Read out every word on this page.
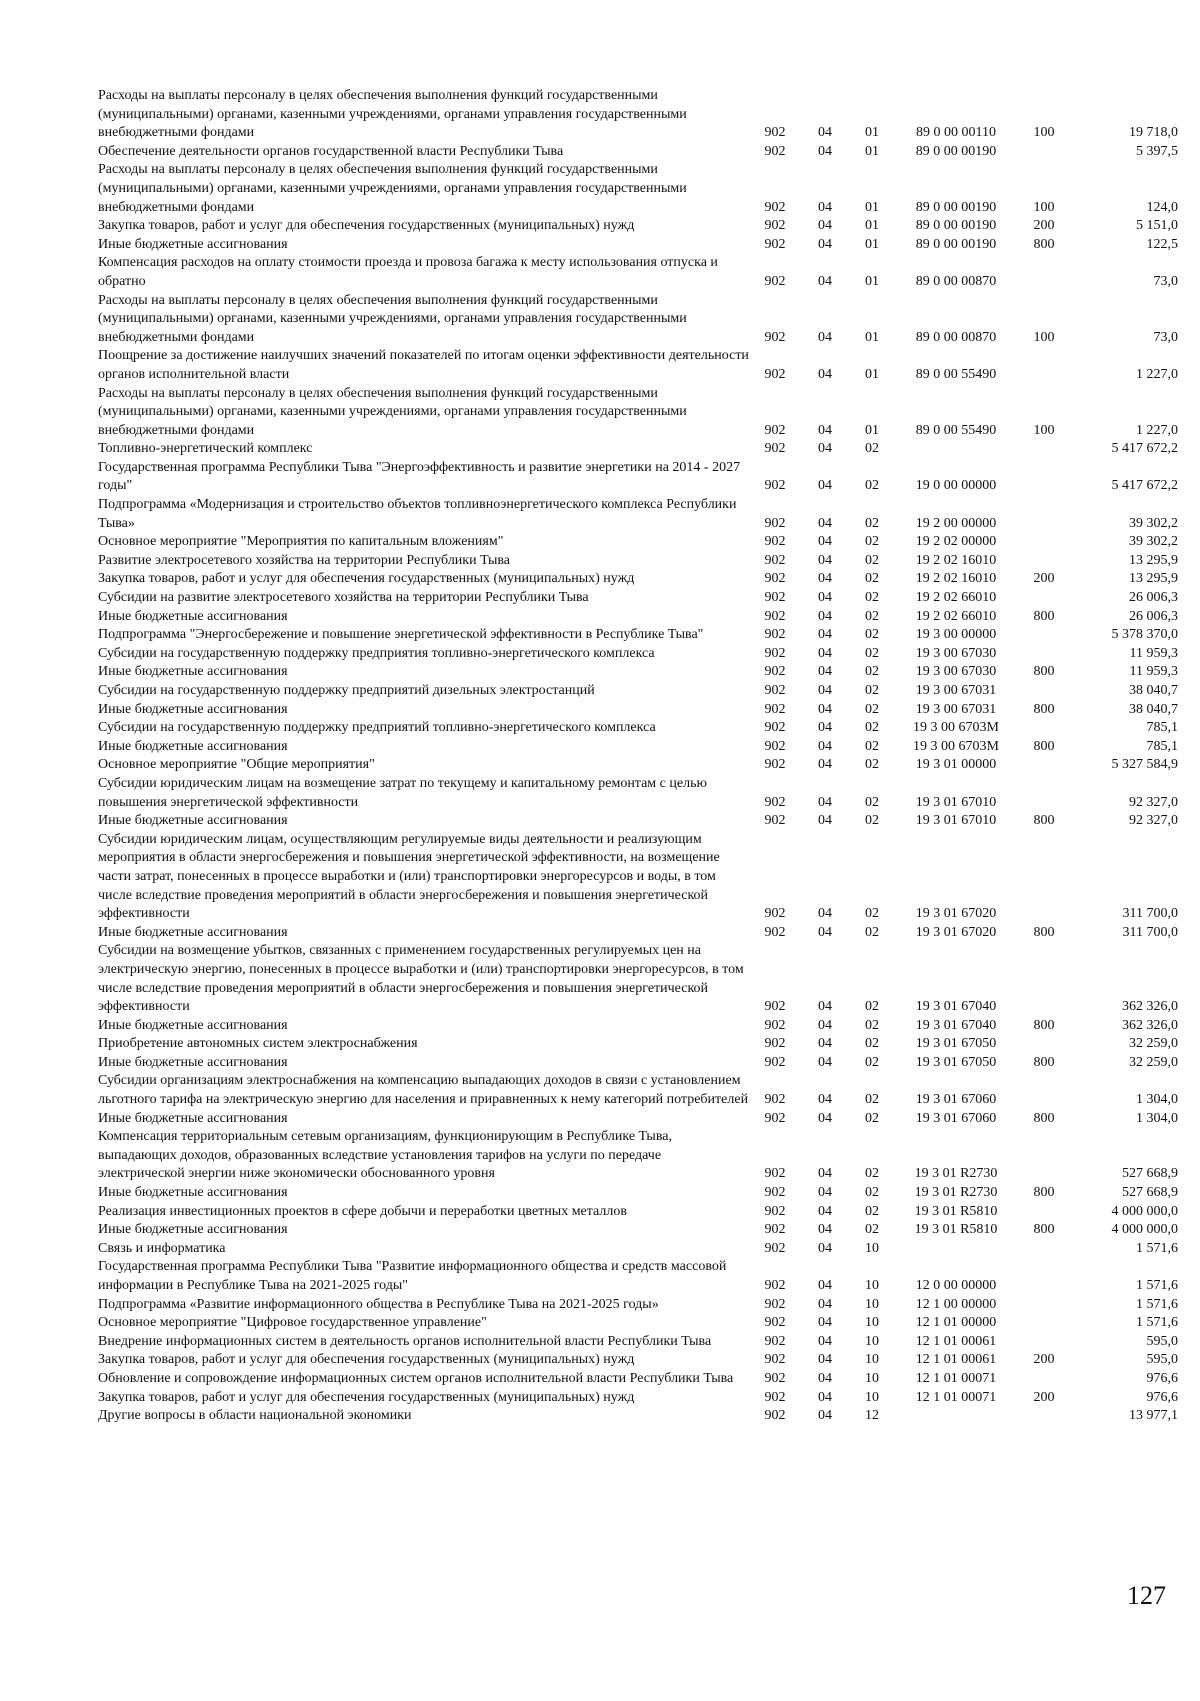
Расходы на выплаты персоналу в целях обеспечения выполнения функций государственными (муниципальными) органами, казенными учреждениями, органами управления государственными внебюджетными фондами	902	04	01	89 0 00 00110	100	19 718,0
Обеспечение деятельности органов государственной власти Республики Тыва	902	04	01	89 0 00 00190		5 397,5
Расходы на выплаты персоналу в целях обеспечения выполнения функций государственными (муниципальными) органами, казенными учреждениями, органами управления государственными внебюджетными фондами	902	04	01	89 0 00 00190	100	124,0
Закупка товаров, работ и услуг для обеспечения государственных (муниципальных) нужд	902	04	01	89 0 00 00190	200	5 151,0
Иные бюджетные ассигнования	902	04	01	89 0 00 00190	800	122,5
Компенсация расходов на оплату стоимости проезда и провоза багажа к месту использования отпуска и обратно	902	04	01	89 0 00 00870		73,0
Расходы на выплаты персоналу в целях обеспечения выполнения функций государственными (муниципальными) органами, казенными учреждениями, органами управления государственными внебюджетными фондами	902	04	01	89 0 00 00870	100	73,0
Поощрение за достижение наилучших значений показателей по итогам оценки эффективности деятельности органов исполнительной власти	902	04	01	89 0 00 55490		1 227,0
Расходы на выплаты персоналу в целях обеспечения выполнения функций государственными (муниципальными) органами, казенными учреждениями, органами управления государственными внебюджетными фондами	902	04	01	89 0 00 55490	100	1 227,0
Топливно-энергетический комплекс	902	04	02			5 417 672,2
Государственная программа Республики Тыва "Энергоэффективность и развитие энергетики на 2014 - 2027 годы"	902	04	02	19 0 00 00000		5 417 672,2
Подпрограмма «Модернизация и строительство объектов топливноэнергетического комплекса Республики Тыва»	902	04	02	19 2 00 00000		39 302,2
Основное мероприятие "Мероприятия по капитальным вложениям"	902	04	02	19 2 02 00000		39 302,2
Развитие электросетевого хозяйства на территории Республики Тыва	902	04	02	19 2 02 16010		13 295,9
Закупка товаров, работ и услуг для обеспечения государственных (муниципальных) нужд	902	04	02	19 2 02 16010	200	13 295,9
Субсидии на развитие электросетевого хозяйства на территории Республики Тыва	902	04	02	19 2 02 66010		26 006,3
Иные бюджетные ассигнования	902	04	02	19 2 02 66010	800	26 006,3
Подпрограмма "Энергосбережение и повышение энергетической эффективности в Республике Тыва"	902	04	02	19 3 00 00000		5 378 370,0
Субсидии на государственную поддержку предприятия топливно-энергетического комплекса	902	04	02	19 3 00 67030		11 959,3
Иные бюджетные ассигнования	902	04	02	19 3 00 67030	800	11 959,3
Субсидии на государственную поддержку предприятий дизельных электростанций	902	04	02	19 3 00 67031		38 040,7
Иные бюджетные ассигнования	902	04	02	19 3 00 67031	800	38 040,7
Субсидии на государственную поддержку предприятий топливно-энергетического комплекса	902	04	02	19 3 00 6703M		785,1
Иные бюджетные ассигнования	902	04	02	19 3 00 6703M	800	785,1
Основное мероприятие "Общие мероприятия"	902	04	02	19 3 01 00000		5 327 584,9
Субсидии юридическим лицам на возмещение затрат по текущему и капитальному ремонтам с целью повышения энергетической эффективности	902	04	02	19 3 01 67010		92 327,0
Иные бюджетные ассигнования	902	04	02	19 3 01 67010	800	92 327,0
Субсидии юридическим лицам, осуществляющим регулируемые виды деятельности и реализующим мероприятия в области энергосбережения и повышения энергетической эффективности, на возмещение части затрат, понесенных в процессе выработки и (или) транспортировки энергоресурсов и воды, в том числе вследствие проведения мероприятий в области энергосбережения и повышения энергетической эффективности	902	04	02	19 3 01 67020		311 700,0
Иные бюджетные ассигнования	902	04	02	19 3 01 67020	800	311 700,0
Субсидии на возмещение убытков, связанных с применением государственных регулируемых цен на электрическую энергию, понесенных в процессе выработки и (или) транспортировки энергоресурсов, в том числе вследствие проведения мероприятий в области энергосбережения и повышения энергетической эффективности	902	04	02	19 3 01 67040		362 326,0
Иные бюджетные ассигнования	902	04	02	19 3 01 67040	800	362 326,0
Приобретение автономных систем электроснабжения	902	04	02	19 3 01 67050		32 259,0
Иные бюджетные ассигнования	902	04	02	19 3 01 67050	800	32 259,0
Субсидии организациям электроснабжения на компенсацию выпадающих доходов в связи с установлением льготного тарифа на электрическую энергию для населения и приравненных к нему категорий потребителей	902	04	02	19 3 01 67060		1 304,0
Иные бюджетные ассигнования	902	04	02	19 3 01 67060	800	1 304,0
Компенсация территориальным сетевым организациям, функционирующим в Республике Тыва, выпадающих доходов, образованных вследствие установления тарифов на услуги по передаче электрической энергии ниже экономически обоснованного уровня	902	04	02	19 3 01 R2730		527 668,9
Иные бюджетные ассигнования	902	04	02	19 3 01 R2730	800	527 668,9
Реализация инвестиционных проектов в сфере добычи и переработки цветных металлов	902	04	02	19 3 01 R5810		4 000 000,0
Иные бюджетные ассигнования	902	04	02	19 3 01 R5810	800	4 000 000,0
Связь и информатика	902	04	10			1 571,6
Государственная программа Республики Тыва "Развитие информационного общества и средств массовой информации в Республике Тыва на 2021-2025 годы"	902	04	10	12 0 00 00000		1 571,6
Подпрограмма «Развитие информационного общества в Республике Тыва на 2021-2025 годы»	902	04	10	12 1 00 00000		1 571,6
Основное мероприятие "Цифровое государственное управление"	902	04	10	12 1 01 00000		1 571,6
Внедрение информационных систем в деятельность органов исполнительной власти Республики Тыва	902	04	10	12 1 01 00061		595,0
Закупка товаров, работ и услуг для обеспечения государственных (муниципальных) нужд	902	04	10	12 1 01 00061	200	595,0
Обновление и сопровождение информационных систем органов исполнительной власти Республики Тыва	902	04	10	12 1 01 00071		976,6
Закупка товаров, работ и услуг для обеспечения государственных (муниципальных) нужд	902	04	10	12 1 01 00071	200	976,6
Другие вопросы в области национальной экономики	902	04	12			13 977,1
127
